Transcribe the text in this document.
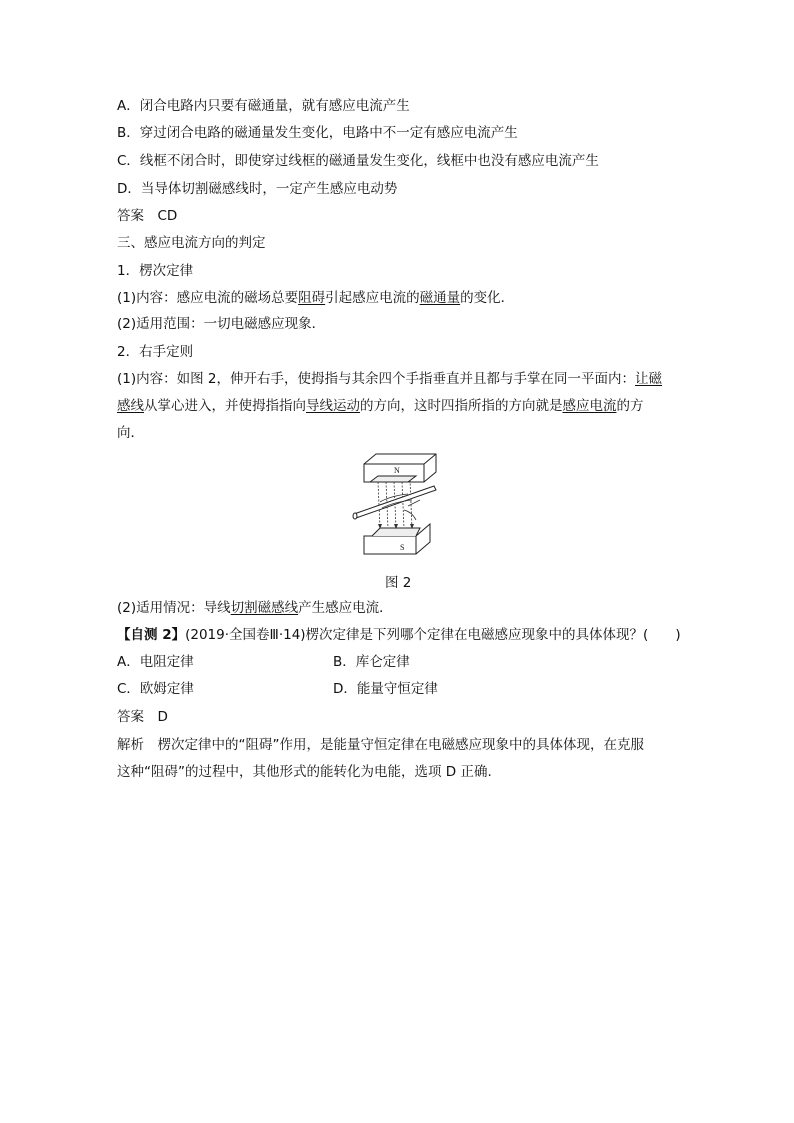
A．闭合电路内只要有磁通量，就有感应电流产生
B．穿过闭合电路的磁通量发生变化，电路中不一定有感应电流产生
C．线框不闭合时，即使穿过线框的磁通量发生变化，线框中也没有感应电流产生
D．当导体切割磁感线时，一定产生感应电动势
答案　CD
三、感应电流方向的判定
1．楞次定律
(1)内容：感应电流的磁场总要阻碍引起感应电流的磁通量的变化．
(2)适用范围：一切电磁感应现象．
2．右手定则
(1)内容：如图 2，伸开右手，使拇指与其余四个手指垂直并且都与手掌在同一平面内：让磁
感线从掌心进入，并使拇指指向导线运动的方向，这时四指所指的方向就是感应电流的方
向．
N
S
图 2
(2)适用情况：导线切割磁感线产生感应电流．
【自测 2】(2019·全国卷Ⅲ·14)楞次定律是下列哪个定律在电磁感应现象中的具体体现？(　　)
A．电阻定律	B．库仑定律
C．欧姆定律	D．能量守恒定律
答案　D
解析　楞次定律中的“阻碍”作用，是能量守恒定律在电磁感应现象中的具体体现，在克服
这种“阻碍”的过程中，其他形式的能转化为电能，选项 D 正确.
